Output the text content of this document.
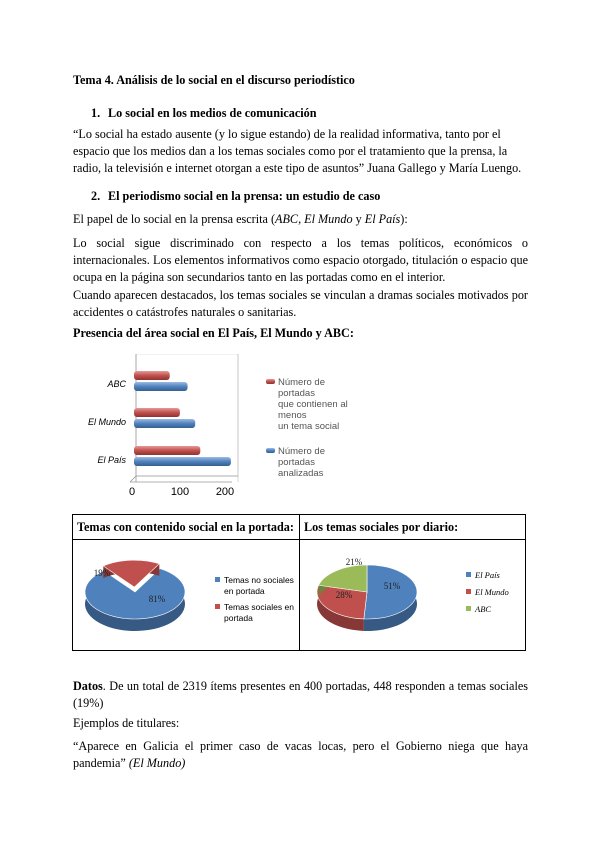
Tema 4. Análisis de lo social en el discurso periodístico
1. Lo social en los medios de comunicación
“Lo social ha estado ausente (y lo sigue estando) de la realidad informativa, tanto por el espacio que los medios dan a los temas sociales como por el tratamiento que la prensa, la radio, la televisión e internet otorgan a este tipo de asuntos” Juana Gallego y María Luengo.
2. El periodismo social en la prensa: un estudio de caso
El papel de lo social en la prensa escrita (ABC, El Mundo y El País):
Lo social sigue discriminado con respecto a los temas políticos, económicos o internacionales. Los elementos informativos como espacio otorgado, titulación o espacio que ocupa en la página son secundarios tanto en las portadas como en el interior.
Cuando aparecen destacados, los temas sociales se vinculan a dramas sociales motivados por accidentes o catástrofes naturales o sanitarias.
Presencia del área social en El País, El Mundo y ABC:
ABC
El Mundo
El País
0	100 200
Número de portadas que contienen al menos un tema social
Número de portadas analizadas
Temas con contenido social en la portada: Los temas sociales por diario:
81%
19%
Temas no sociales en portada
Temas sociales en portada
51%
28%
21%
El País
El Mundo
ABC
Datos. De un total de 2319 ítems presentes en 400 portadas, 448 responden a temas sociales (19%)
Ejemplos de titulares:
“Aparece en Galicia el primer caso de vacas locas, pero el Gobierno niega que haya pandemia” (El Mundo)
